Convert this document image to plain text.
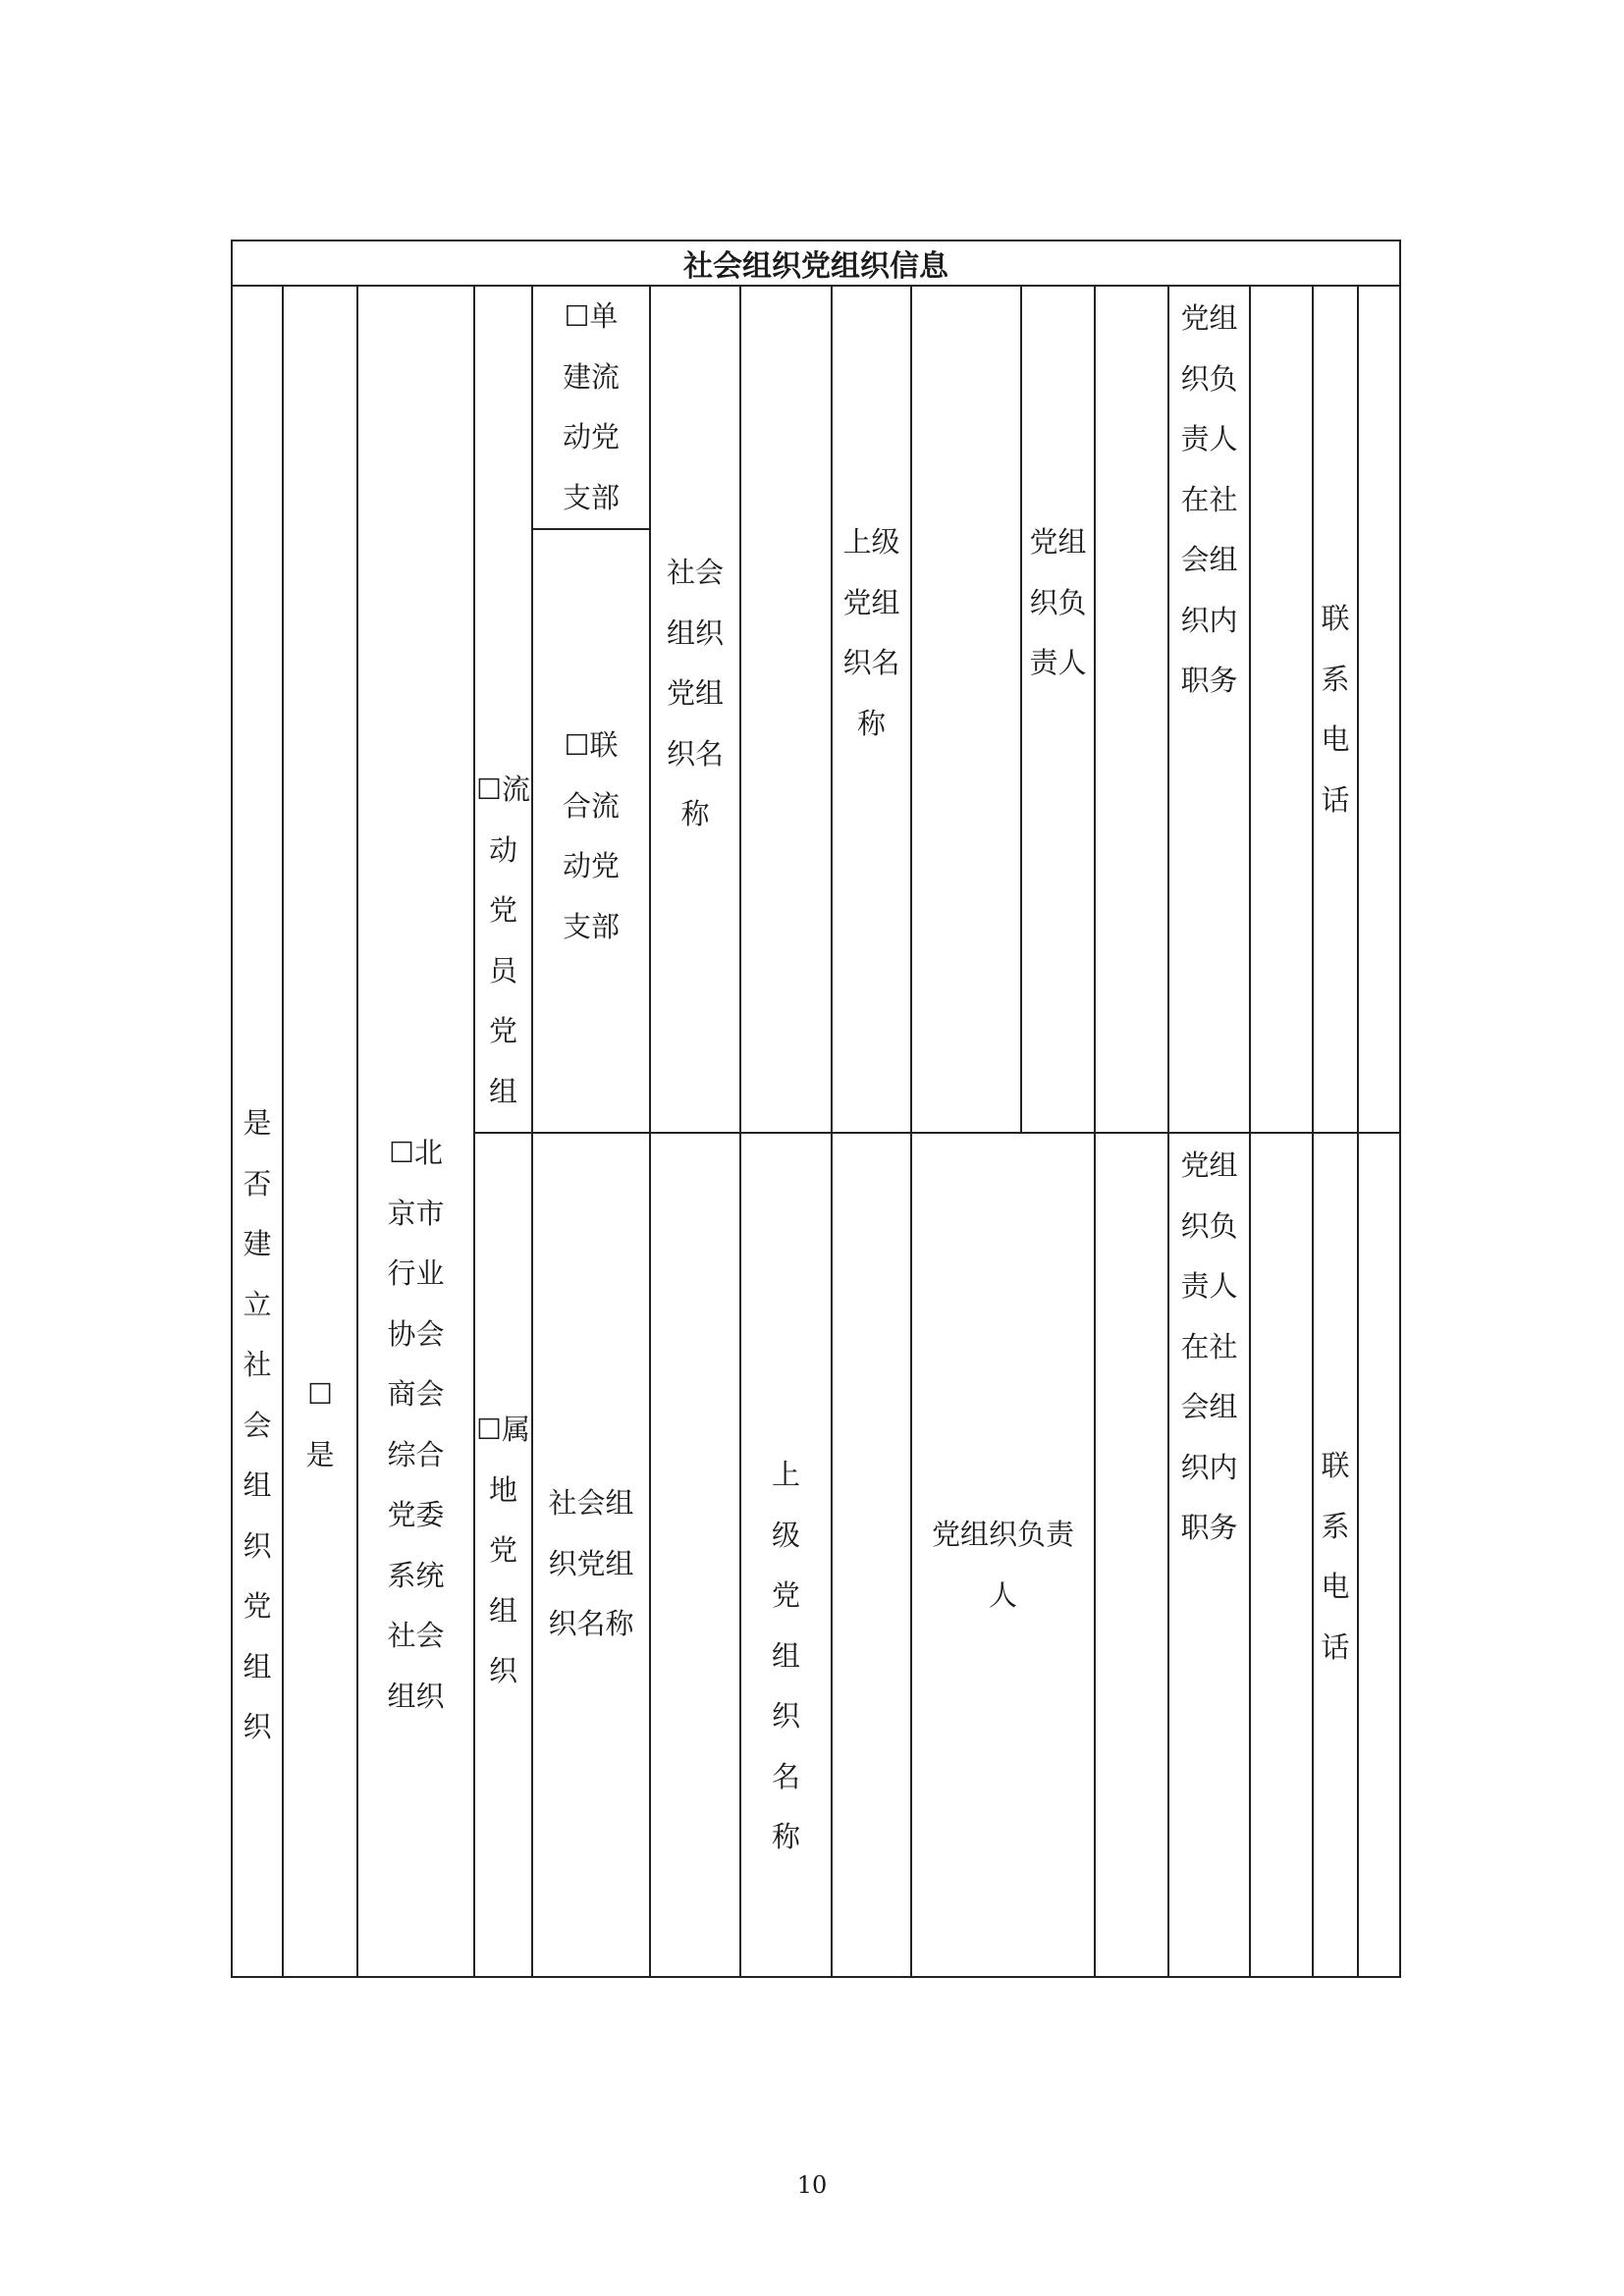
社会组织党组织信息
是否建立社会组织党组织
☐是
☐北京市行业协会商会综合党委系统社会组织
☐流动党员党组
☐单建流动党支部
☐联合流动党支部
社会组织党组织名称
上级党组织名称
党组织负责人
党组织负责人在社会组织内职务
联系电话
☐属地党组织
社会组织党组织名称
上级党组织名称
党组织负责人
党组织负责人在社会组织内职务
联系电话
10
